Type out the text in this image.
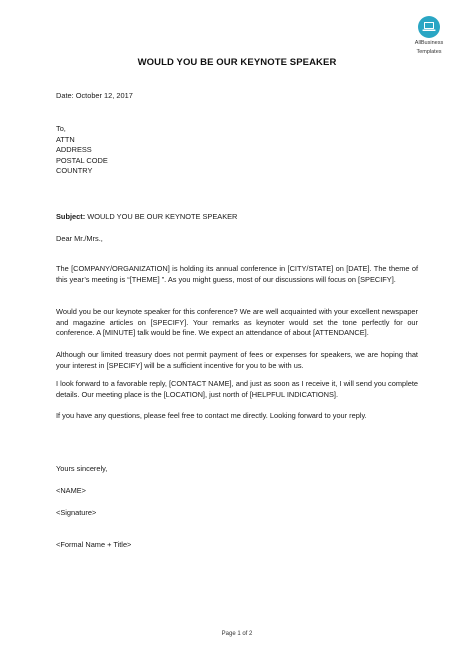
AllBusiness
Templates
WOULD YOU BE OUR KEYNOTE SPEAKER
Date: October 12, 2017
To,
ATTN
ADDRESS
POSTAL CODE
COUNTRY
Subject: WOULD YOU BE OUR KEYNOTE SPEAKER
Dear Mr./Mrs.,
The [COMPANY/ORGANIZATION] is holding its annual conference in [CITY/STATE] on [DATE]. The theme of this year’s meeting is “[THEME] ”. As you might guess, most of our discussions will focus on [SPECIFY].
Would you be our keynote speaker for this conference? We are well acquainted with your excellent newspaper and magazine articles on [SPECIFY]. Your remarks as keynoter would set the tone perfectly for our conference. A [MINUTE] talk would be fine. We expect an attendance of about [ATTENDANCE].
Although our limited treasury does not permit payment of fees or expenses for speakers, we are hoping that your interest in [SPECIFY] will be a sufficient incentive for you to be with us.
I look forward to a favorable reply, [CONTACT NAME], and just as soon as I receive it, I will send you complete details. Our meeting place is the [LOCATION], just north of [HELPFUL INDICATIONS].
If you have any questions, please feel free to contact me directly. Looking forward to your reply.
Yours sincerely,
<NAME>
<Signature>
<Formal Name + Title>
Page 1 of 2
